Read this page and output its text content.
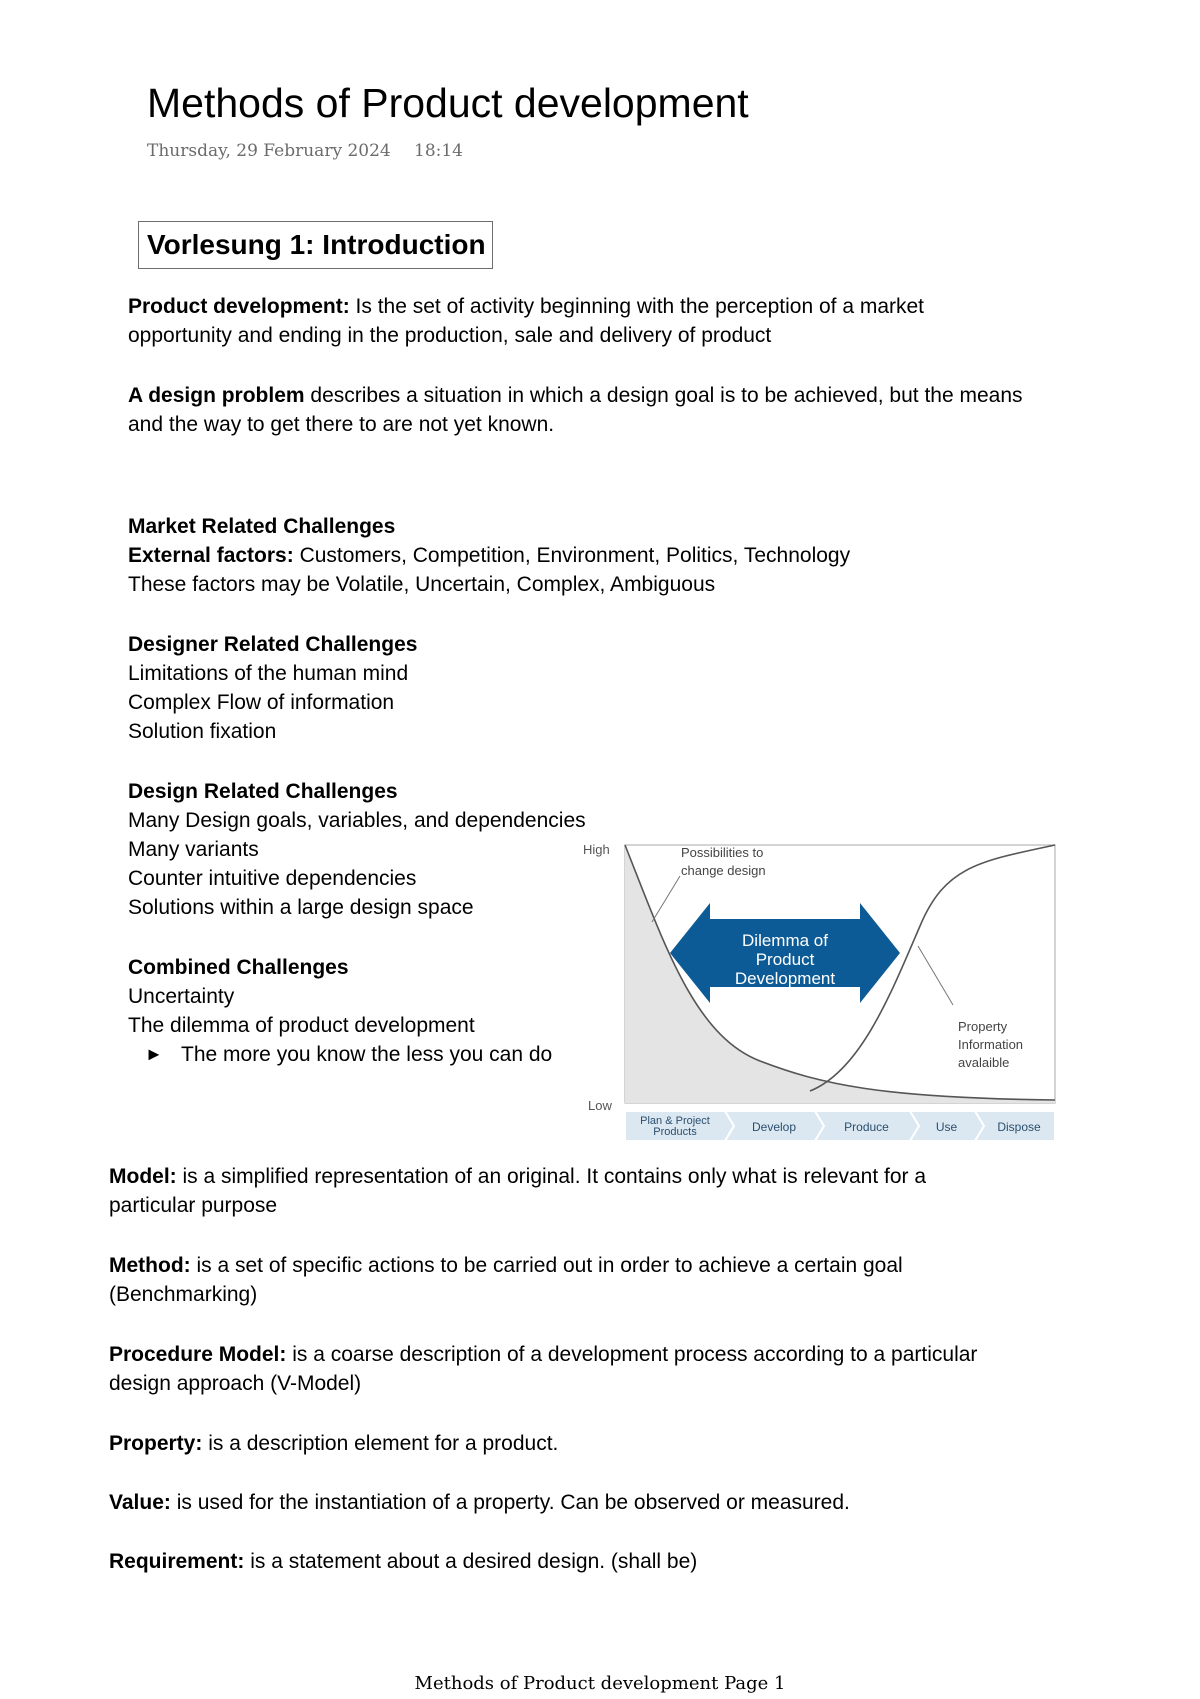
Methods of Product development
Thursday, 29 February 2024 18:14
Vorlesung 1: Introduction
Product development: Is the set of activity beginning with the perception of a market
opportunity and ending in the production, sale and delivery of product
A design problem describes a situation in which a design goal is to be achieved, but the means
and the way to get there to are not yet known.
Market Related Challenges
External factors: Customers, Competition, Environment, Politics, Technology
These factors may be Volatile, Uncertain, Complex, Ambiguous
Designer Related Challenges
Limitations of the human mind
Complex Flow of information
Solution fixation
Design Related Challenges
Many Design goals, variables, and dependencies
Many variants
Counter intuitive dependencies
Solutions within a large design space
Combined Challenges
Uncertainty
The dilemma of product development
► The more you know the less you can do
High
Low
Possibilities to
change design
Property
Information
avalaible
Dilemma of
Product
Development
Plan & Project
Products	Develop	Produce	Use	Dispose
Model: is a simplified representation of an original. It contains only what is relevant for a
particular purpose
Method: is a set of specific actions to be carried out in order to achieve a certain goal
(Benchmarking)
Procedure Model: is a coarse description of a development process according to a particular
design approach (V-Model)
Property: is a description element for a product.
Value: is used for the instantiation of a property. Can be observed or measured.
Requirement: is a statement about a desired design. (shall be)
Methods of Product development Page 1
